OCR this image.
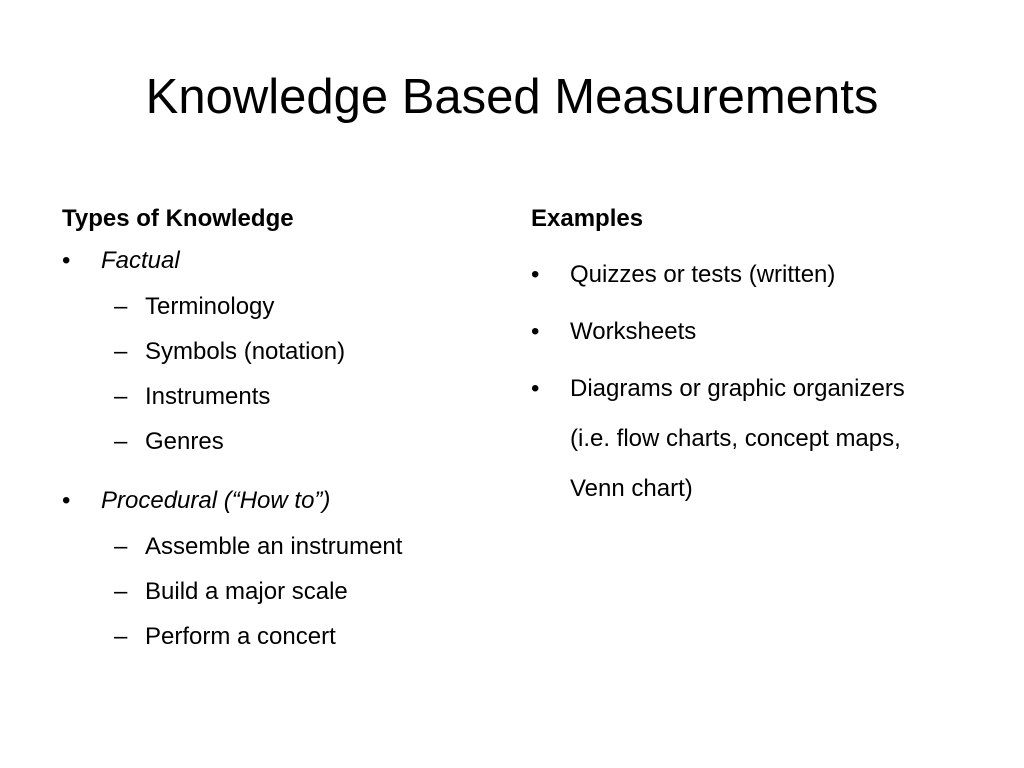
Knowledge Based Measurements

Types of Knowledge

• Factual
– Terminology
– Symbols (notation)
– Instruments
– Genres
• Procedural (“How to”)
– Assemble an instrument
– Build a major scale
– Perform a concert

Examples

• Quizzes or tests (written)
• Worksheets
• Diagrams or graphic organizers (i.e. flow charts, concept maps, Venn chart)
